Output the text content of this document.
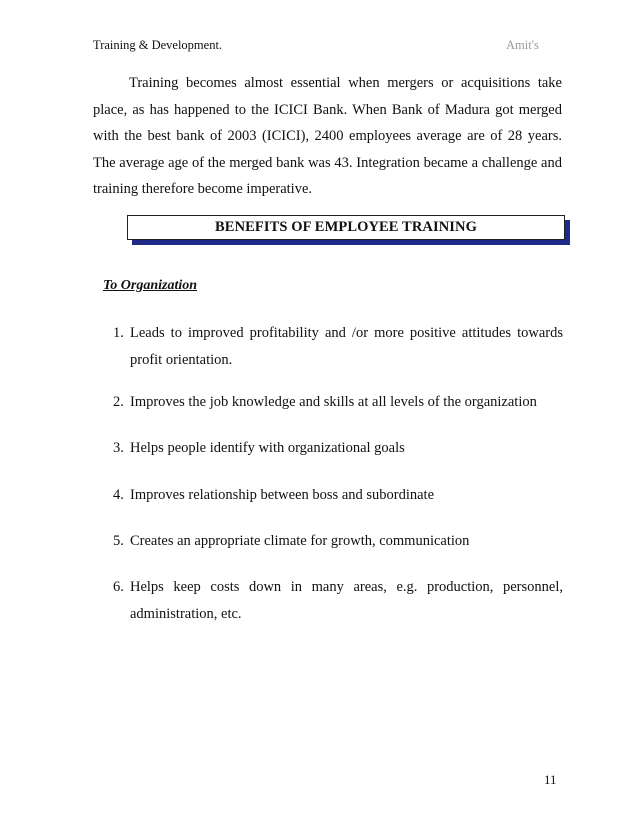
Training & Development.	Amit's

Training becomes almost essential when mergers or acquisitions take place, as has happened to the ICICI Bank. When Bank of Madura got merged with the best bank of 2003 (ICICI), 2400 employees average are of 28 years. The average age of the merged bank was 43. Integration became a challenge and training therefore become imperative.

BENEFITS OF EMPLOYEE TRAINING
To Organization
1. Leads to improved profitability and /or more positive attitudes towards profit orientation.
2. Improves the job knowledge and skills at all levels of the organization
3. Helps people identify with organizational goals
4. Improves relationship between boss and subordinate
5. Creates an appropriate climate for growth, communication
6. Helps keep costs down in many areas, e.g. production, personnel, administration, etc.
11
